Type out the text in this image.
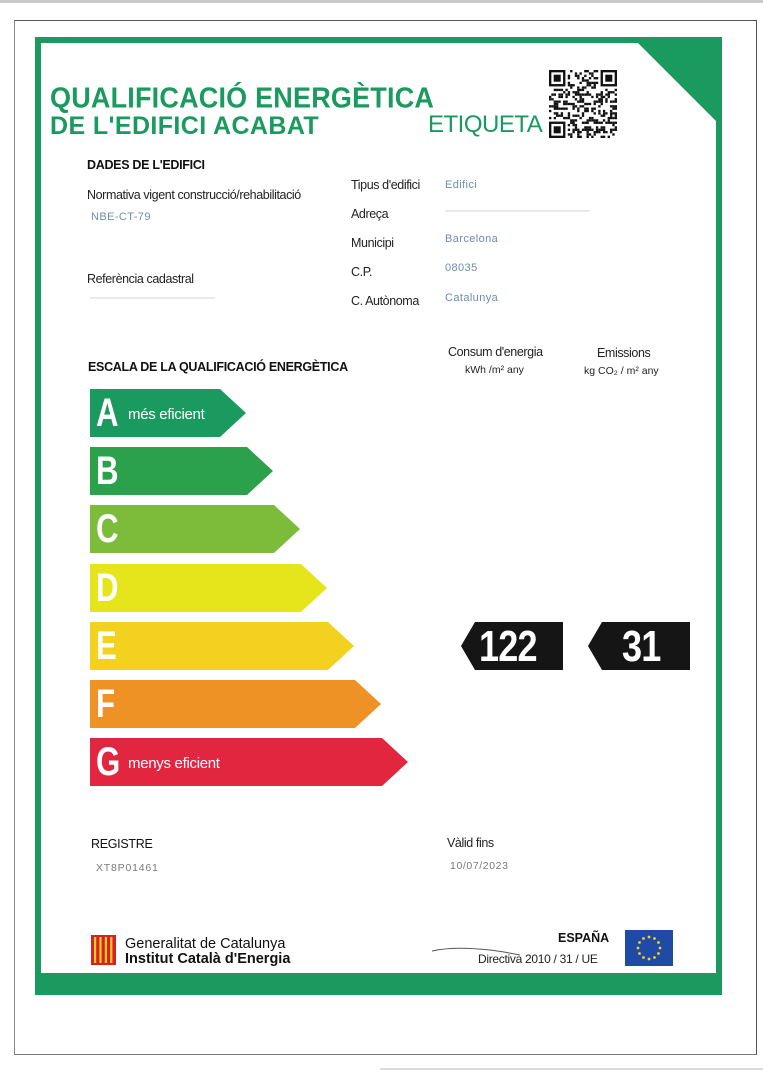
QUALIFICACIÓ ENERGÈTICA
DE L'EDIFICI ACABAT	ETIQUETA
DADES DE L'EDIFICI
Normativa vigent construcció/rehabilitació
NBE-CT-79
Referència cadastral
Tipus d'edifici Edifici
Adreça
Municipi	Barcelona
C.P.	08035
C. Autònoma Catalunya
ESCALA DE LA QUALIFICACIÓ ENERGÈTICA
Consum d'energia
kWh /m² any
Emissions
kg CO₂ / m² any
A més eficient
B
C
D
E
F
G menys eficient
122 31
REGISTRE
XT8P01461
Vàlid fins
10/07/2023
Generalitat de Catalunya
Institut Català d'Energia
ESPAÑA
Directiva 2010 / 31 / UE
